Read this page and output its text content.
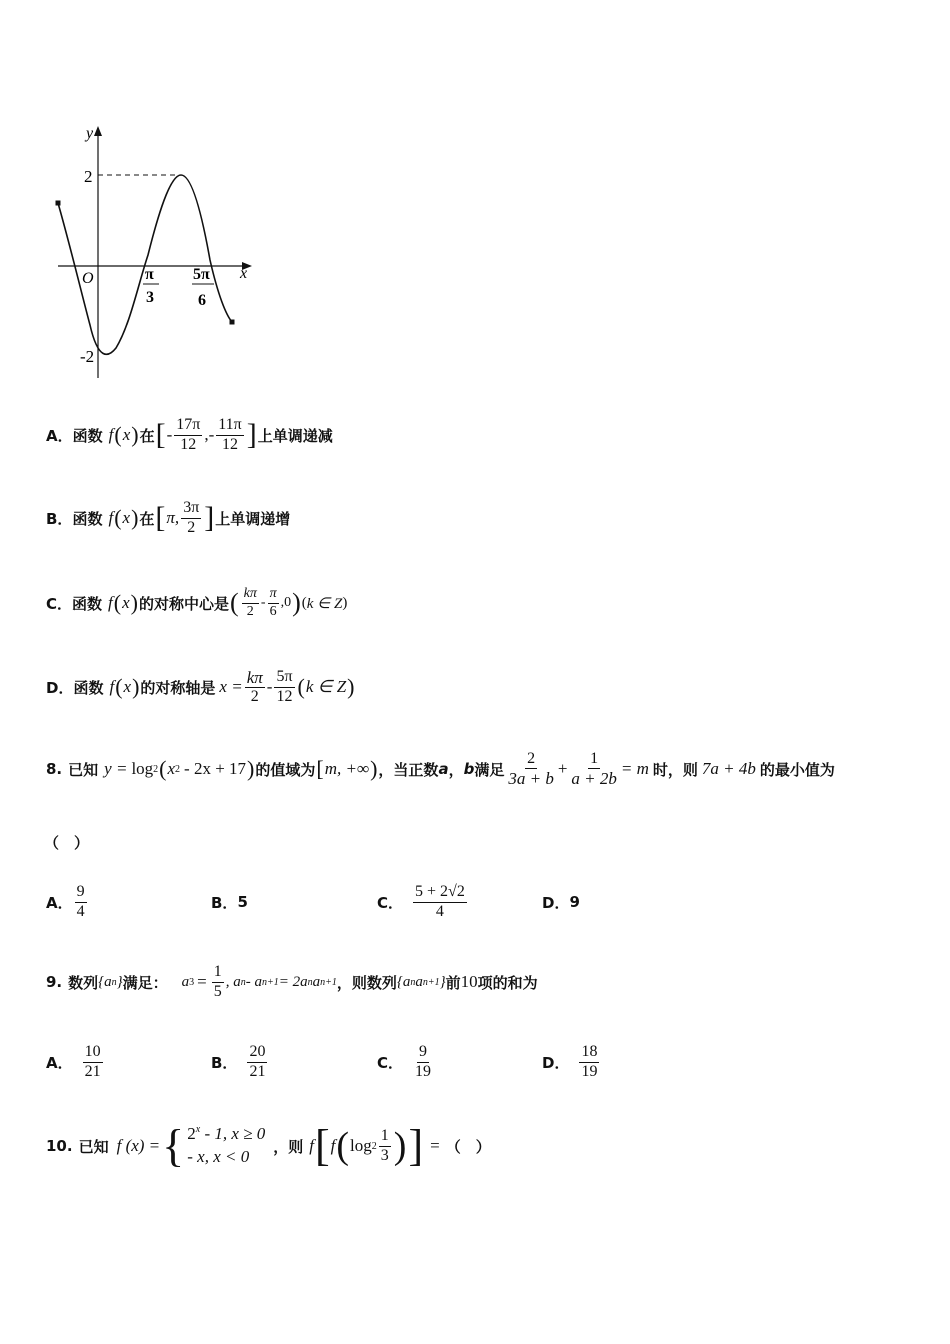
y
x
O
2
-2
π
3
5π
6
A． 函数 f ( x ) 在 [ - $\frac{17\pi}{12}$ , - $\frac{11\pi}{12}$ ] 上单调递减
B． 函数 f ( x ) 在 [ π, $\frac{3\pi}{2}$ ] 上单调递增
C． 函数 f ( x ) 的对称中心是 ( $\frac{k\pi}{2} - \frac{\pi}{6} ,0$ ) ( k ∈ Z )
D． 函数 f ( x ) 的对称轴是 $x = \frac{k\pi}{2} - \frac{5\pi}{12}$ ( k ∈ Z )
8. 已知 y = log 2 ( x 2 - 2x + 17 ) 的值域为 [ m, +∞ ) ，当正数 a ， b 满足 $\frac{2}{3a + b} + \frac{1}{a + 2b} = m$ 时，则 7a + 4b 的最小值为
（　）
A． $\frac{9}{4}$	B． 5	C． $\frac{5 + 2√2}{4}$	D． 9
9. 数列 {a n } 满足： a $3 = \frac{1}{5}$ , a n - a n+1 = 2a n a n+1 ，则数列 {a n a n+1 } 前 10 项的和为
A． $\frac{10}{21}$	B． $\frac{20}{21}$	C． $\frac{9}{19}$	D． $\frac{18}{19}$
10. 已知 f (x) = { 2$^x$ - 1, x ≥ 0
- x, x < 0
，则 f [ f ( $\log 2 \frac{1}{3}$ ) ] = （　）
